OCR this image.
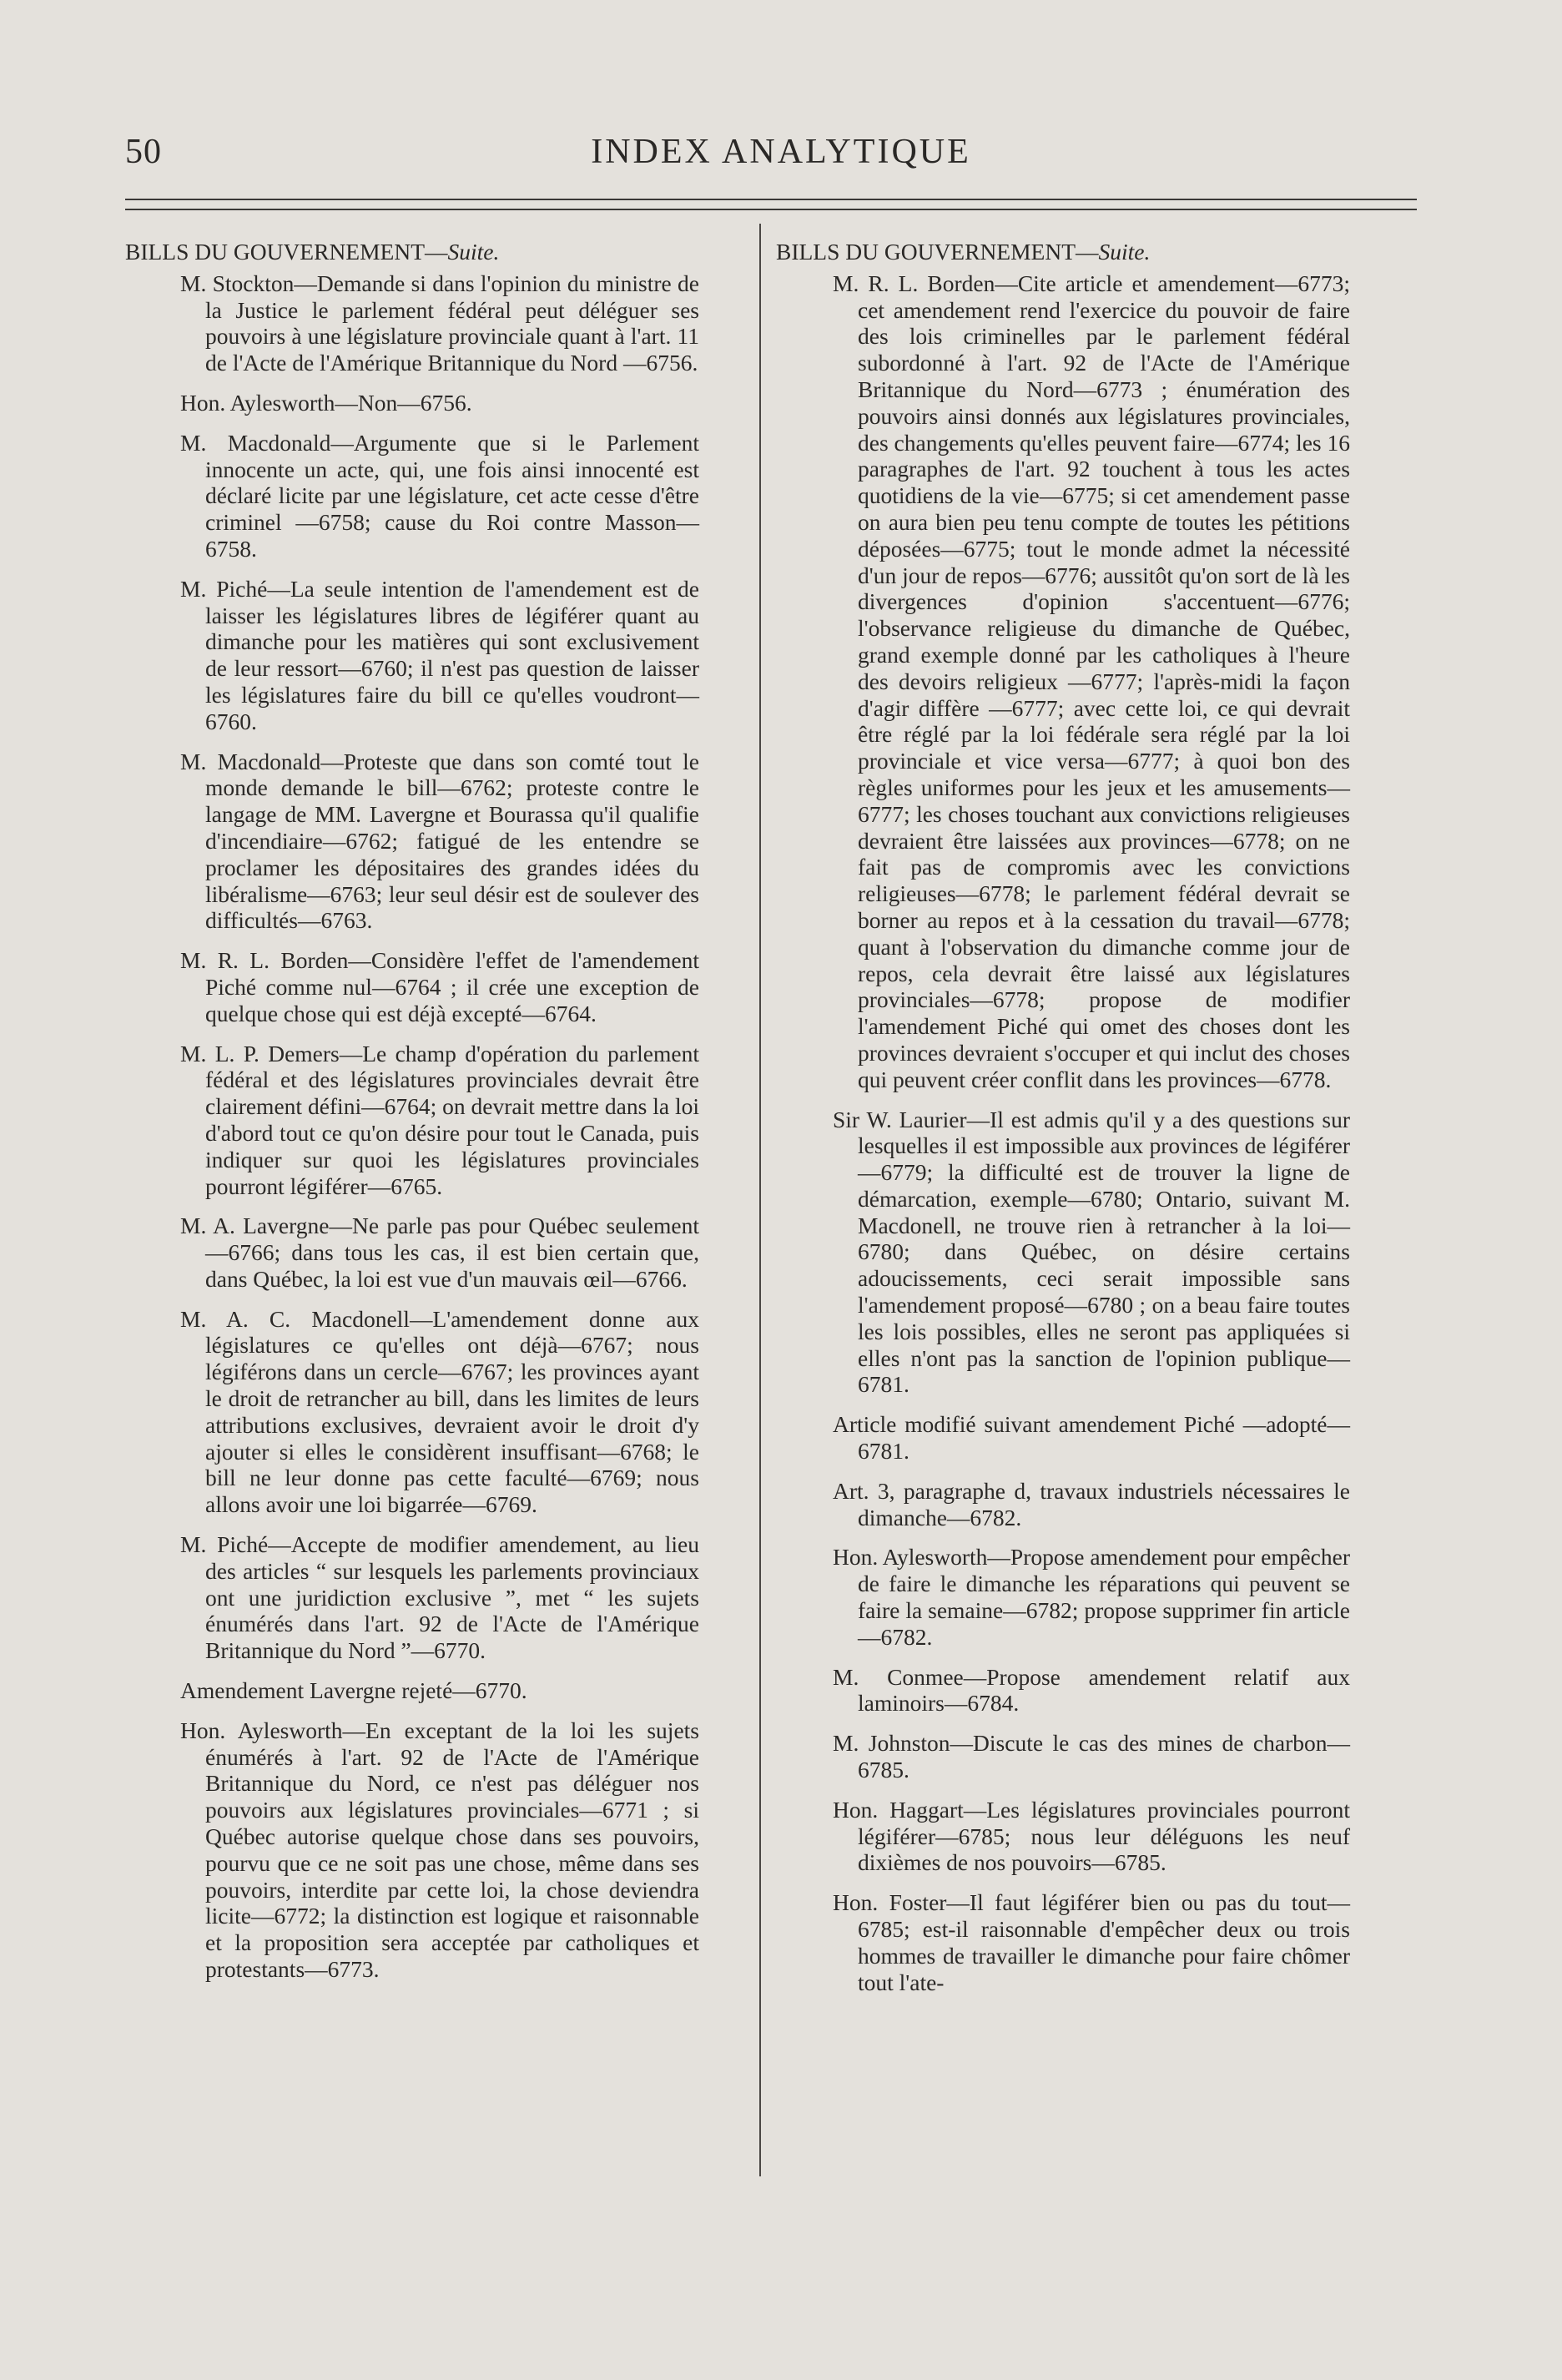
50	INDEX ANALYTIQUE

BILLS DU GOUVERNEMENT—Suite.

M. Stockton—Demande si dans l'opinion du ministre de la Justice le parlement fédéral peut déléguer ses pouvoirs à une législature provinciale quant à l'art. 11 de l'Acte de l'Amérique Britannique du Nord —6756.

Hon. Aylesworth—Non—6756.

M. Macdonald—Argumente que si le Parlement innocente un acte, qui, une fois ainsi innocenté est déclaré licite par une législature, cet acte cesse d'être criminel —6758; cause du Roi contre Masson—6758.

M. Piché—La seule intention de l'amendement est de laisser les législatures libres de légiférer quant au dimanche pour les matières qui sont exclusivement de leur ressort—6760; il n'est pas question de laisser les législatures faire du bill ce qu'elles voudront—6760.

M. Macdonald—Proteste que dans son comté tout le monde demande le bill—6762; proteste contre le langage de MM. Lavergne et Bourassa qu'il qualifie d'incendiaire—6762; fatigué de les entendre se proclamer les dépositaires des grandes idées du libéralisme—6763; leur seul désir est de soulever des difficultés—6763.

M. R. L. Borden—Considère l'effet de l'amendement Piché comme nul—6764 ; il crée une exception de quelque chose qui est déjà excepté—6764.

M. L. P. Demers—Le champ d'opération du parlement fédéral et des législatures provinciales devrait être clairement défini—6764; on devrait mettre dans la loi d'abord tout ce qu'on désire pour tout le Canada, puis indiquer sur quoi les législatures provinciales pourront légiférer—6765.

M. A. Lavergne—Ne parle pas pour Québec seulement—6766; dans tous les cas, il est bien certain que, dans Québec, la loi est vue d'un mauvais œil—6766.

M. A. C. Macdonell—L'amendement donne aux législatures ce qu'elles ont déjà—6767; nous légiférons dans un cercle—6767; les provinces ayant le droit de retrancher au bill, dans les limites de leurs attributions exclusives, devraient avoir le droit d'y ajouter si elles le considèrent insuffisant—6768; le bill ne leur donne pas cette faculté—6769; nous allons avoir une loi bigarrée—6769.

M. Piché—Accepte de modifier amendement, au lieu des articles “ sur lesquels les parlements provinciaux ont une juridiction exclusive ”, met “ les sujets énumérés dans l'art. 92 de l'Acte de l'Amérique Britannique du Nord ”—6770.

Amendement Lavergne rejeté—6770.

Hon. Aylesworth—En exceptant de la loi les sujets énumérés à l'art. 92 de l'Acte de l'Amérique Britannique du Nord, ce n'est pas déléguer nos pouvoirs aux législatures provinciales—6771 ; si Québec autorise quelque chose dans ses pouvoirs, pourvu que ce ne soit pas une chose, même dans ses pouvoirs, interdite par cette loi, la chose deviendra licite—6772; la distinction est logique et raisonnable et la proposition sera acceptée par catholiques et protestants—6773.

BILLS DU GOUVERNEMENT—Suite.

M. R. L. Borden—Cite article et amendement—6773; cet amendement rend l'exercice du pouvoir de faire des lois criminelles par le parlement fédéral subordonné à l'art. 92 de l'Acte de l'Amérique Britannique du Nord—6773 ; énumération des pouvoirs ainsi donnés aux législatures provinciales, des changements qu'elles peuvent faire—6774; les 16 paragraphes de l'art. 92 touchent à tous les actes quotidiens de la vie—6775; si cet amendement passe on aura bien peu tenu compte de toutes les pétitions déposées—6775; tout le monde admet la nécessité d'un jour de repos—6776; aussitôt qu'on sort de là les divergences d'opinion s'accentuent—6776; l'observance religieuse du dimanche de Québec, grand exemple donné par les catholiques à l'heure des devoirs religieux —6777; l'après-midi la façon d'agir diffère —6777; avec cette loi, ce qui devrait être réglé par la loi fédérale sera réglé par la loi provinciale et vice versa—6777; à quoi bon des règles uniformes pour les jeux et les amusements—6777; les choses touchant aux convictions religieuses devraient être laissées aux provinces—6778; on ne fait pas de compromis avec les convictions religieuses—6778; le parlement fédéral devrait se borner au repos et à la cessation du travail—6778; quant à l'observation du dimanche comme jour de repos, cela devrait être laissé aux législatures provinciales—6778; propose de modifier l'amendement Piché qui omet des choses dont les provinces devraient s'occuper et qui inclut des choses qui peuvent créer conflit dans les provinces—6778.

Sir W. Laurier—Il est admis qu'il y a des questions sur lesquelles il est impossible aux provinces de légiférer—6779; la difficulté est de trouver la ligne de démarcation, exemple—6780; Ontario, suivant M. Macdonell, ne trouve rien à retrancher à la loi—6780; dans Québec, on désire certains adoucissements, ceci serait impossible sans l'amendement proposé—6780 ; on a beau faire toutes les lois possibles, elles ne seront pas appliquées si elles n'ont pas la sanction de l'opinion publique—6781.

Article modifié suivant amendement Piché —adopté—6781.

Art. 3, paragraphe d, travaux industriels nécessaires le dimanche—6782.

Hon. Aylesworth—Propose amendement pour empêcher de faire le dimanche les réparations qui peuvent se faire la semaine—6782; propose supprimer fin article—6782.

M. Conmee—Propose amendement relatif aux laminoirs—6784.

M. Johnston—Discute le cas des mines de charbon—6785.

Hon. Haggart—Les législatures provinciales pourront légiférer—6785; nous leur déléguons les neuf dixièmes de nos pouvoirs—6785.

Hon. Foster—Il faut légiférer bien ou pas du tout—6785; est-il raisonnable d'empêcher deux ou trois hommes de travailler le dimanche pour faire chômer tout l'ate-
